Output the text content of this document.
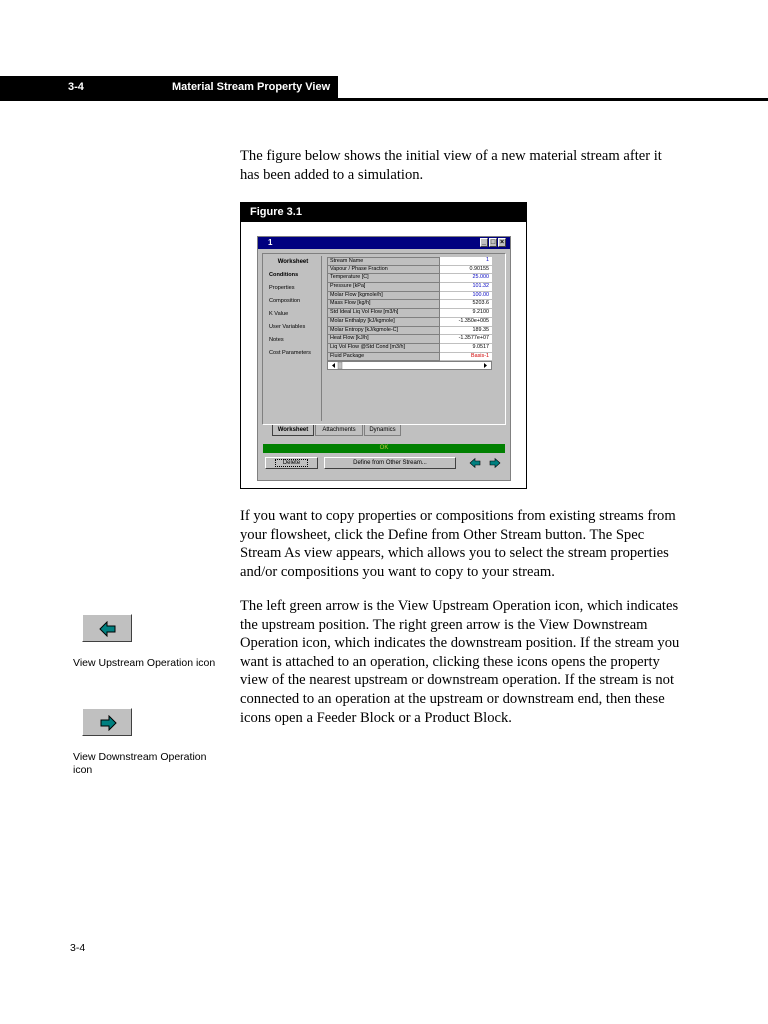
3-4	Material Stream Property View
The figure below shows the initial view of a new material stream after it has been added to a simulation.
Figure 3.1
1	_ □ ×
Worksheet
Conditions
Properties
Composition
K Value
User Variables
Notes
Cost Parameters
Stream Name	1
Vapour / Phase Fraction	0.90155
Temperature [C]	25.000
Pressure [kPa]	101.32
Molar Flow [kgmole/h]	100.00
Mass Flow [kg/h]	5203.6
Std Ideal Liq Vol Flow [m3/h]	9.2100
Molar Enthalpy [kJ/kgmole]	-1.350e+005
Molar Entropy [kJ/kgmole-C]	189.35
Heat Flow [kJ/h]	-1.3577e+07
Liq Vol Flow @Std Cond [m3/h]	9.0517
Fluid Package	Basis-1
Worksheet	Attachments	Dynamics
OK
Delete	Define from Other Stream...
If you want to copy properties or compositions from existing streams from your flowsheet, click the Define from Other Stream button. The Spec Stream As view appears, which allows you to select the stream properties and/or compositions you want to copy to your stream.
The left green arrow is the View Upstream Operation icon, which indicates the upstream position. The right green arrow is the View Downstream Operation icon, which indicates the downstream position. If the stream you want is attached to an operation, clicking these icons opens the property view of the nearest upstream or downstream operation. If the stream is not connected to an operation at the upstream or downstream end, then these icons open a Feeder Block or a Product Block.
View Upstream Operation icon
View Downstream Operation icon
3-4
